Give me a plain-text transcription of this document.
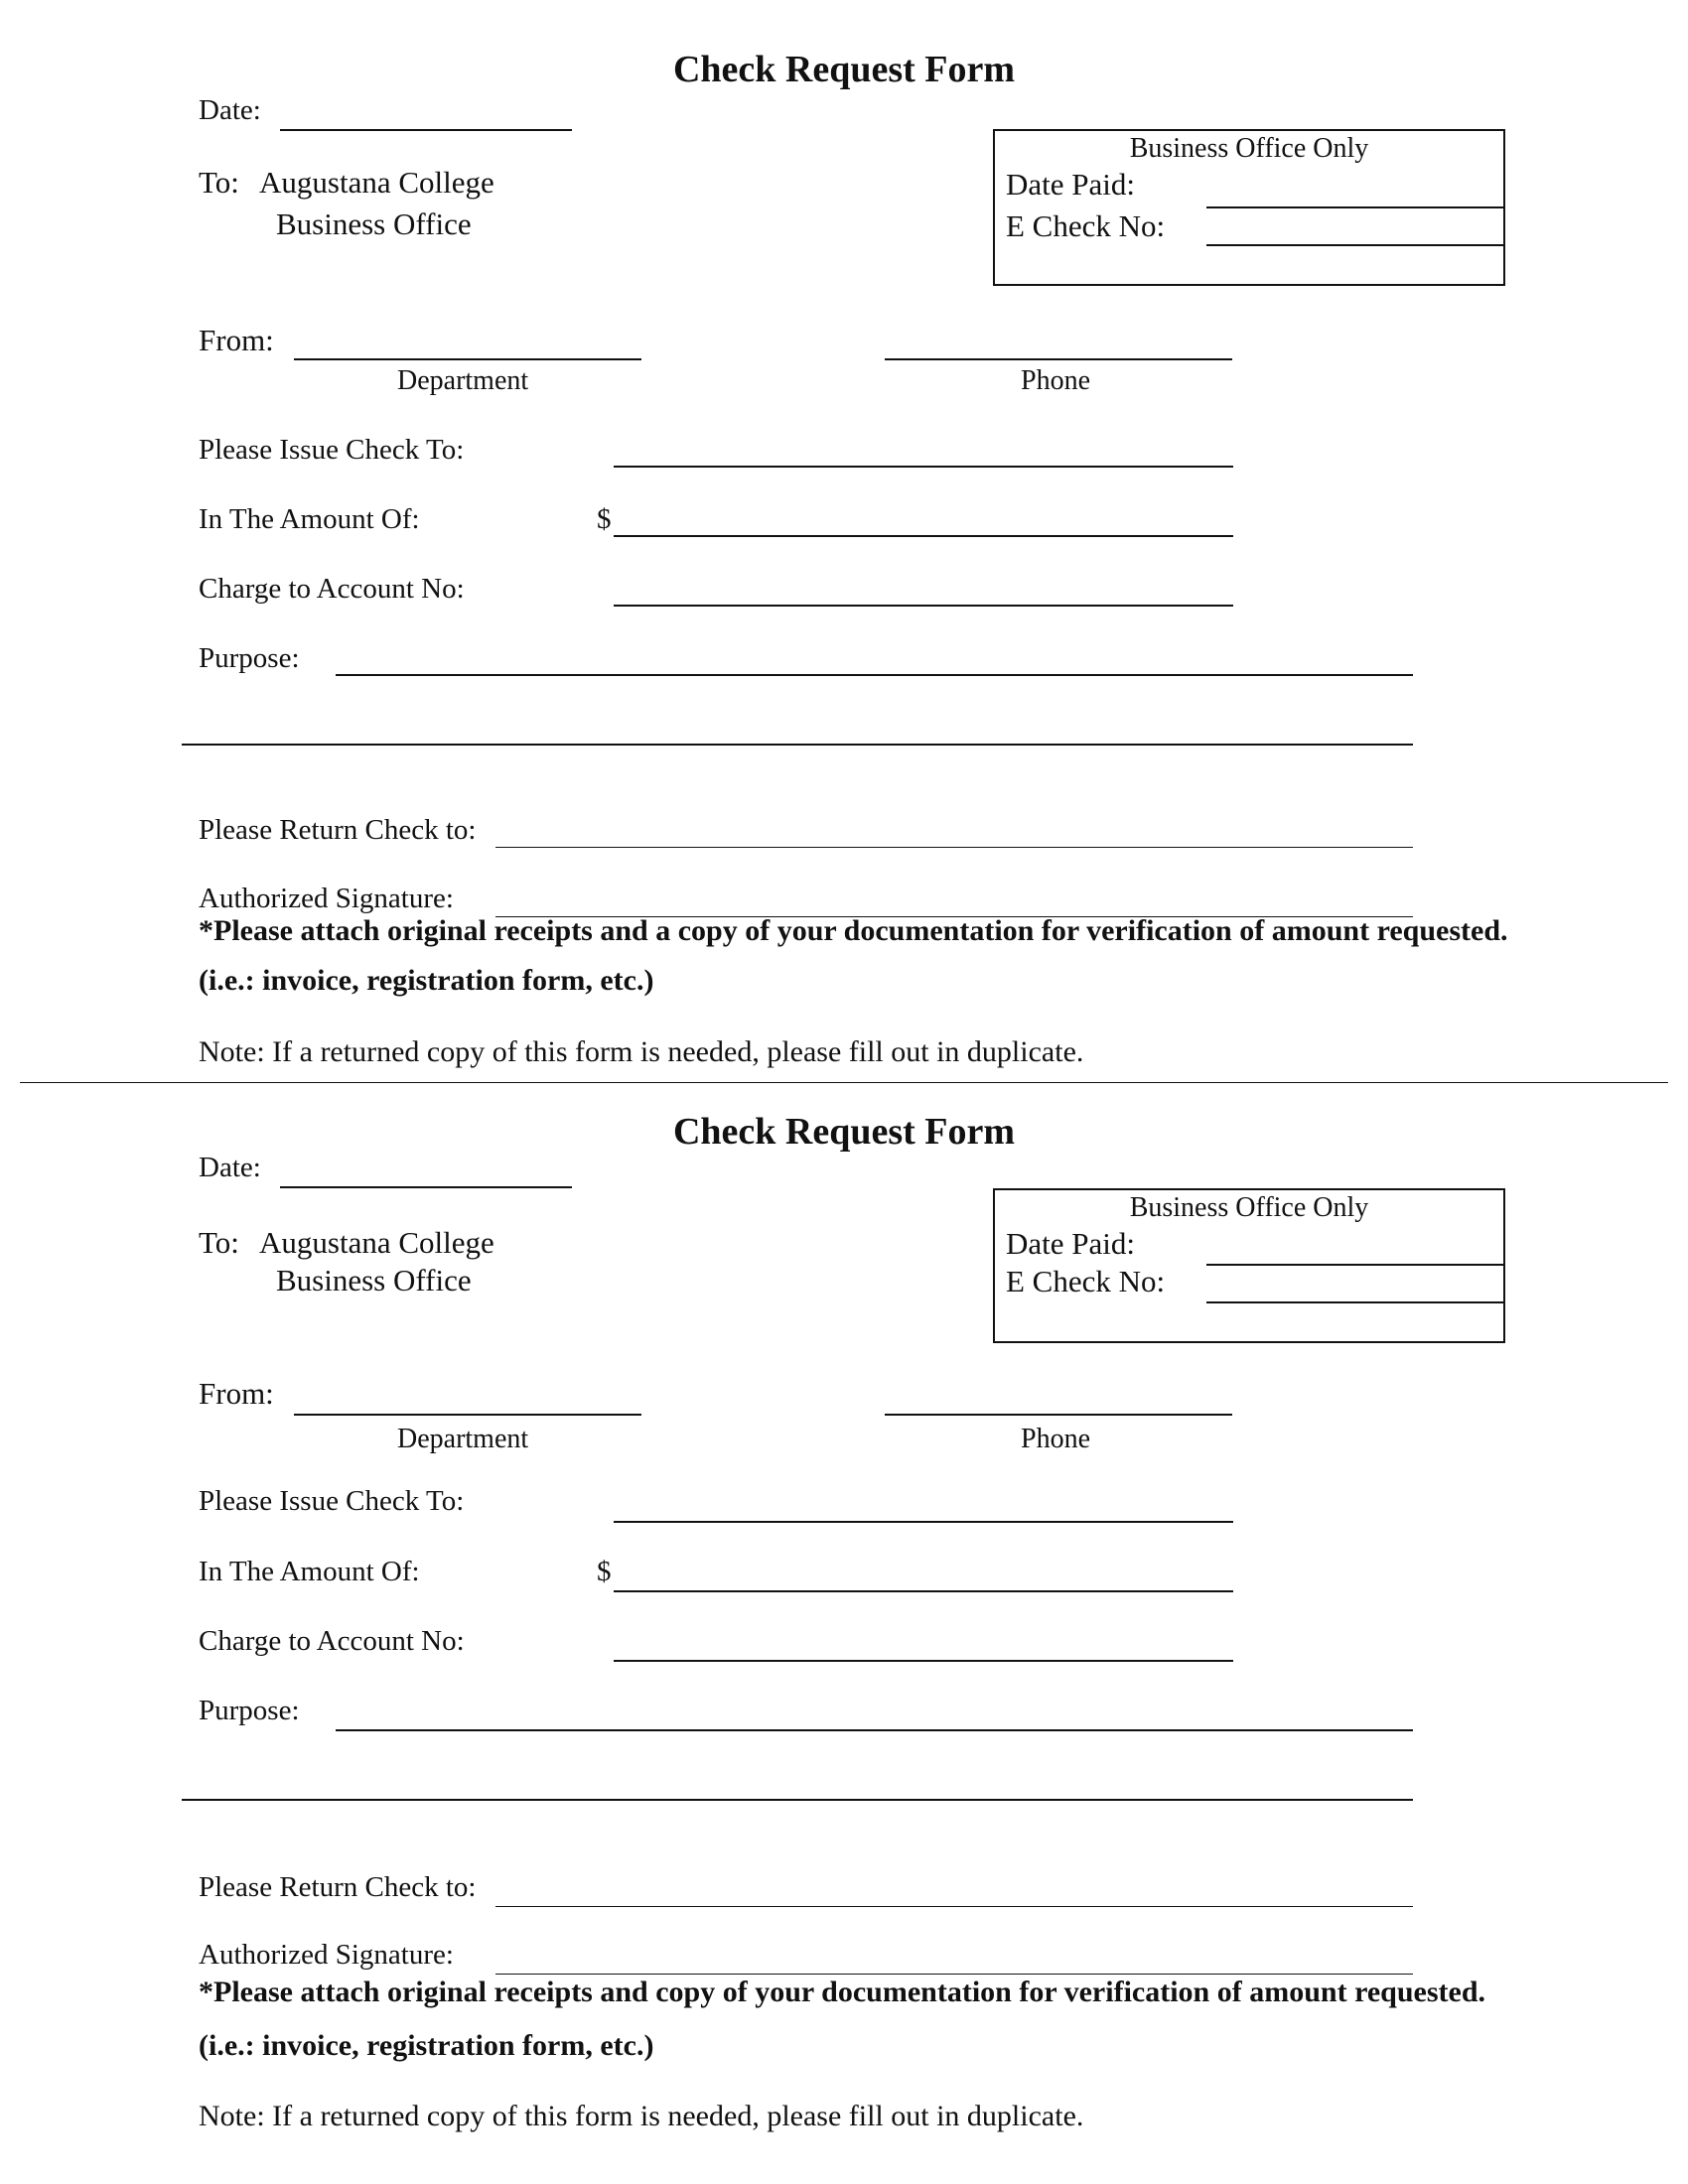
Check Request Form
Date:
To: Augustana College
Business Office
Business Office Only
Date Paid:
E Check No:
From:
Department	Phone
Please Issue Check To:
In The Amount Of:	$
Charge to Account No:
Purpose:
Please Return Check to:
Authorized Signature:
*Please attach original receipts and a copy of your documentation for verification of amount requested.
(i.e.: invoice, registration form, etc.)
Note: If a returned copy of this form is needed, please fill out in duplicate.
Check Request Form
Date:
To: Augustana College
Business Office
Business Office Only
Date Paid:
E Check No:
From:
Department	Phone
Please Issue Check To:
In The Amount Of:	$
Charge to Account No:
Purpose:
Please Return Check to:
Authorized Signature:
*Please attach original receipts and copy of your documentation for verification of amount requested.
(i.e.: invoice, registration form, etc.)
Note: If a returned copy of this form is needed, please fill out in duplicate.
